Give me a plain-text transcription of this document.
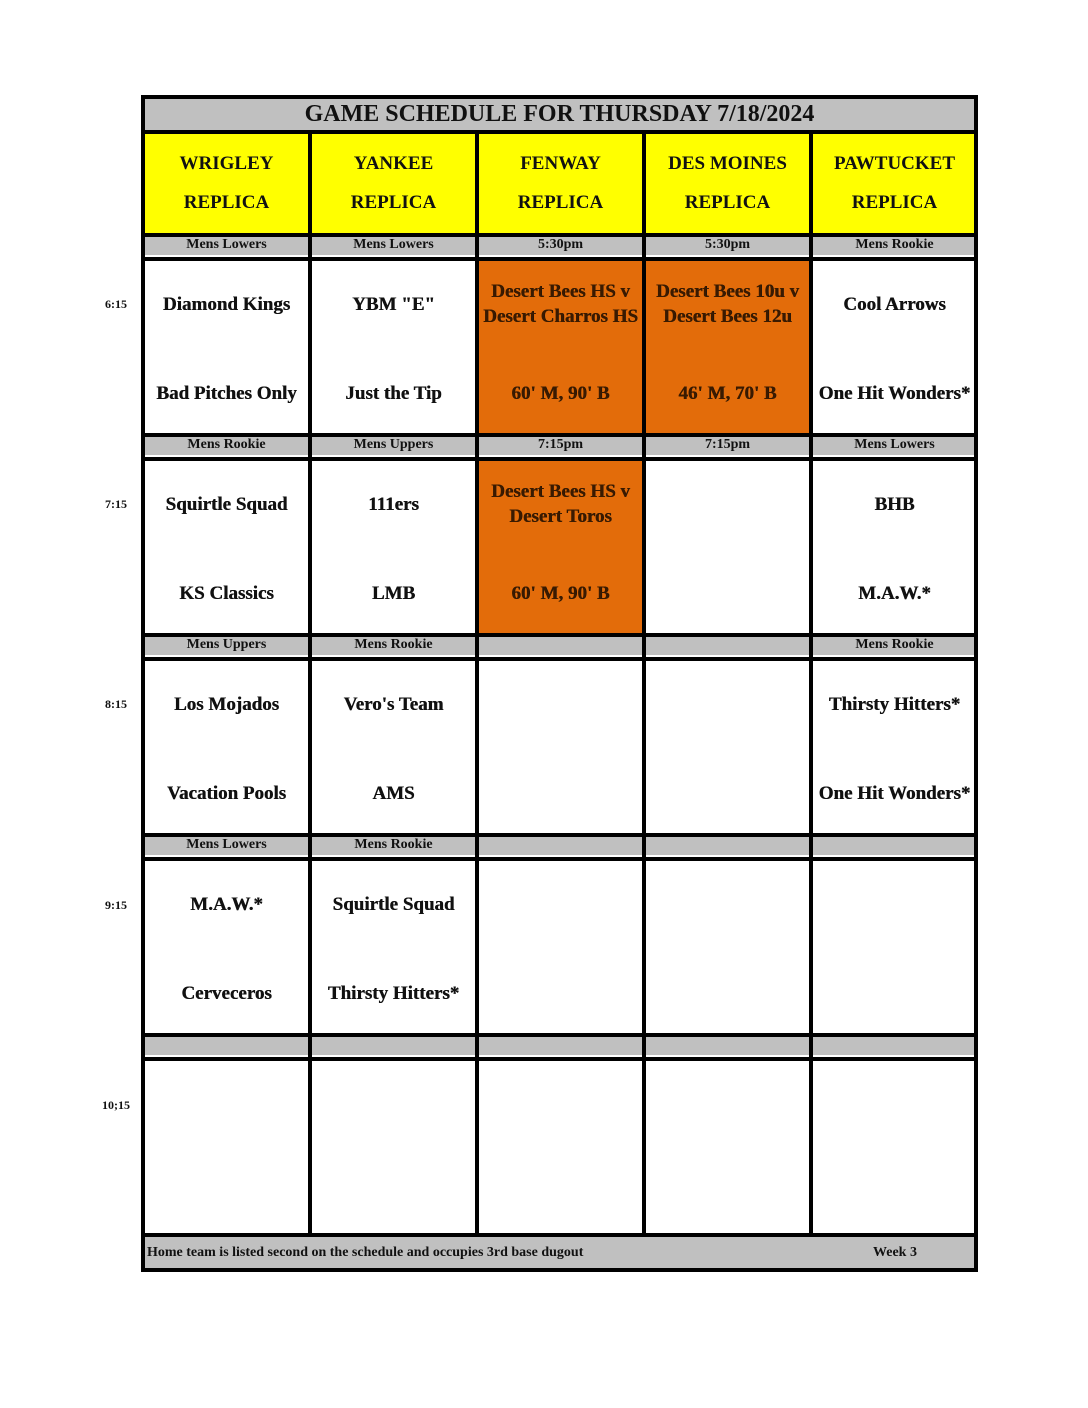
GAME SCHEDULE FOR THURSDAY 7/18/2024
WRIGLEY
REPLICA
YANKEE
REPLICA
FENWAY
REPLICA
DES MOINES
REPLICA
PAWTUCKET
REPLICA
6:15
Mens Lowers
Diamond Kings
Bad Pitches Only
Mens Lowers
YBM "E"
Just the Tip
5:30pm
Desert Bees HS v Desert Charros HS
60' M, 90' B
5:30pm
Desert Bees 10u v Desert Bees 12u
46' M, 70' B
Mens Rookie
Cool Arrows
One Hit Wonders*
7:15
Mens Rookie
Squirtle Squad
KS Classics
Mens Uppers
111ers
LMB
7:15pm
Desert Bees HS v Desert Toros
60' M, 90' B
7:15pm	Mens Lowers
BHB
M.A.W.*
8:15
Mens Uppers
Los Mojados
Vacation Pools
Mens Rookie
Vero's Team
AMS
Mens Rookie
Thirsty Hitters*
One Hit Wonders*
9:15
Mens Lowers
M.A.W.*
Cerveceros
Mens Rookie
Squirtle Squad
Thirsty Hitters*
10;15
Home team is listed second on the schedule and occupies 3rd base dugout	Week 3
